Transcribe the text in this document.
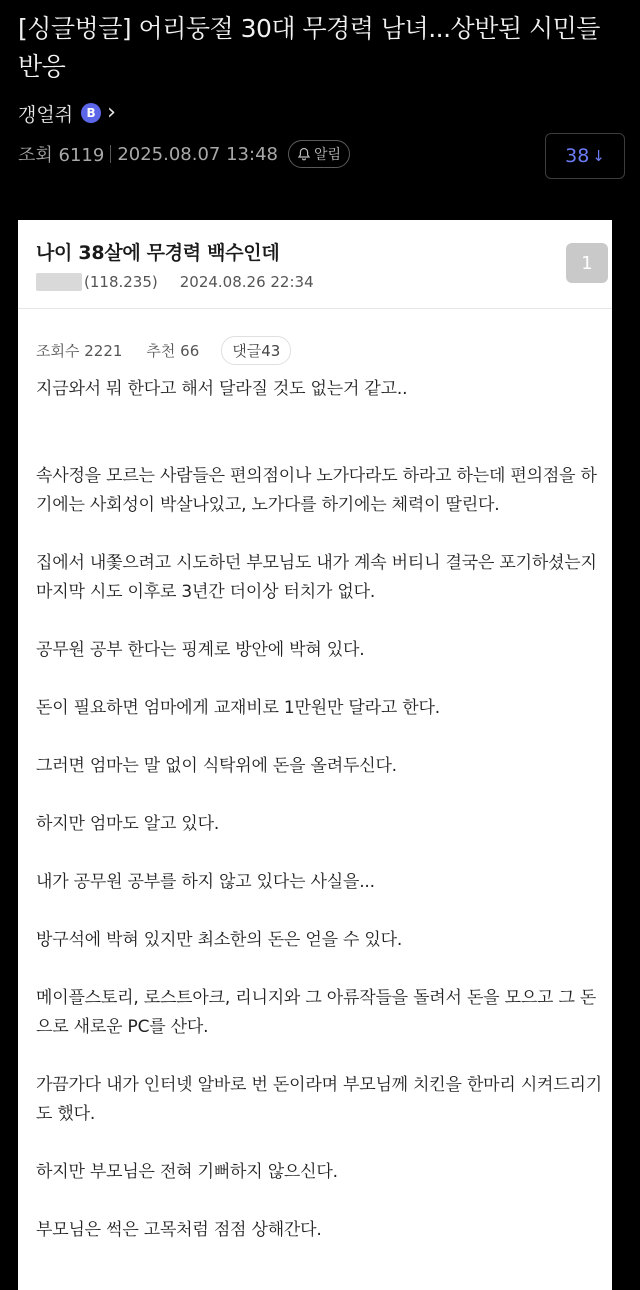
[싱글벙글] 어리둥절 30대 무경력 남녀...상반된 시민들 반응
갱얼쥐	B ›
조회 6119 2025.08.07 13:48	알림	38 ↓
나이 38살에 무경력 백수인데
(118.235) 2024.08.26 22:34
1
조회수 2221 추천 66	댓글43

지금와서 뭐 한다고 해서 달라질 것도 없는거 같고..

속사정을 모르는 사람들은 편의점이나 노가다라도 하라고 하는데 편의점을 하기에는 사회성이 박살나있고, 노가다를 하기에는 체력이 딸린다.

집에서 내쫓으려고 시도하던 부모님도 내가 계속 버티니 결국은 포기하셨는지 마지막 시도 이후로 3년간 더이상 터치가 없다.

공무원 공부 한다는 핑계로 방안에 박혀 있다.

돈이 필요하면 엄마에게 교재비로 1만원만 달라고 한다.

그러면 엄마는 말 없이 식탁위에 돈을 올려두신다.

하지만 엄마도 알고 있다.

내가 공무원 공부를 하지 않고 있다는 사실을...

방구석에 박혀 있지만 최소한의 돈은 얻을 수 있다.

메이플스토리, 로스트아크, 리니지와 그 아류작들을 돌려서 돈을 모으고 그 돈으로 새로운 PC를 산다.

가끔가다 내가 인터넷 알바로 번 돈이라며 부모님께 치킨을 한마리 시켜드리기도 했다.

하지만 부모님은 전혀 기뻐하지 않으신다.

부모님은 썩은 고목처럼 점점 상해간다.
